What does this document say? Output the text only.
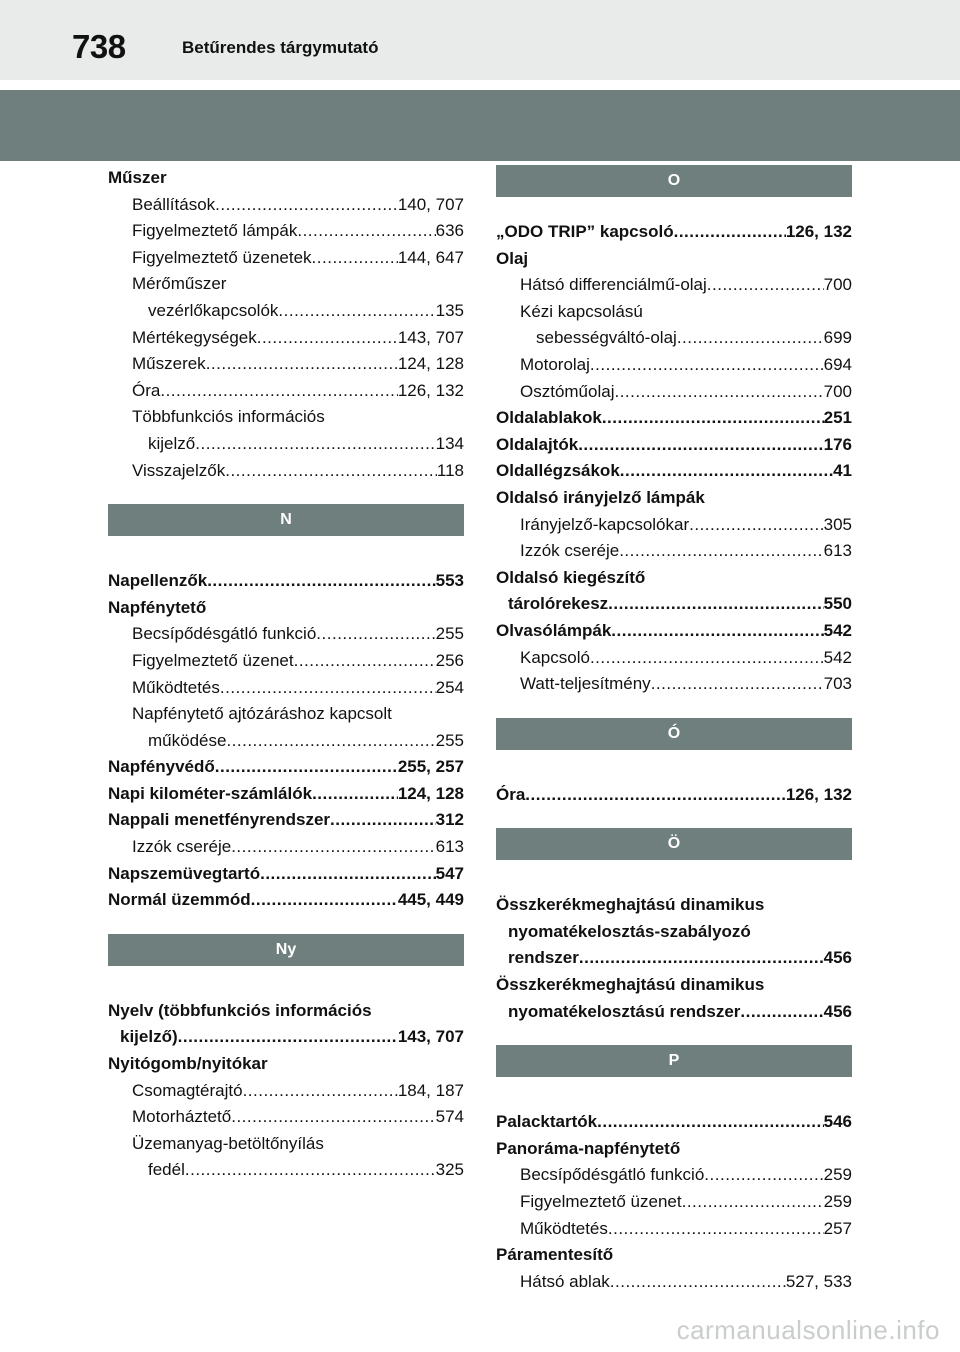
738	Betűrendes tárgymutató
Műszer
Beállítások .....	140, 707
Figyelmeztető lámpák .....	636
Figyelmeztető üzenetek .....	144, 647
Mérőműszer
vezérlőkapcsolók .....	135
Mértékegységek .....	143, 707
Műszerek .....	124, 128
Óra .....	126, 132
Többfunkciós információs
kijelző .....	134
Visszajelzők .....	118
N
Napellenzők .....	553
Napfénytető
Becsípődésgátló funkció .....	255
Figyelmeztető üzenet .....	256
Működtetés .....	254
Napfénytető ajtózáráshoz kapcsolt
működése .....	255
Napfényvédő .....	255, 257
Napi kilométer-számlálók .....	124, 128
Nappali menetfényrendszer .....	312
Izzók cseréje .....	613
Napszemüvegtartó .....	547
Normál üzemmód .....	445, 449
Ny
Nyelv (többfunkciós információs
kijelző) .....	143, 707
Nyitógomb/nyitókar
Csomagtérajtó .....	184, 187
Motorháztető .....	574
Üzemanyag-betöltőnyílás
fedél .....	325
O
„ODO TRIP” kapcsoló .....	126, 132
Olaj
Hátsó differenciálmű-olaj .....	700
Kézi kapcsolású
sebességváltó-olaj .....	699
Motorolaj .....	694
Osztóműolaj .....	700
Oldalablakok .....	251
Oldalajtók .....	176
Oldallégzsákok .....	41
Oldalsó irányjelző lámpák
Irányjelző-kapcsolókar .....	305
Izzók cseréje .....	613
Oldalsó kiegészítő
tárolórekesz .....	550
Olvasólámpák .....	542
Kapcsoló .....	542
Watt-teljesítmény .....	703
Ó
Óra .....	126, 132
Ö
Összkerékmeghajtású dinamikus
nyomatékelosztás-szabályozó
rendszer .....	456
Összkerékmeghajtású dinamikus
nyomatékelosztású rendszer .....	456
P
Palacktartók .....	546
Panoráma-napfénytető
Becsípődésgátló funkció .....	259
Figyelmeztető üzenet .....	259
Működtetés .....	257
Páramentesítő
Hátsó ablak .....	527, 533
carmanualsonline.info
